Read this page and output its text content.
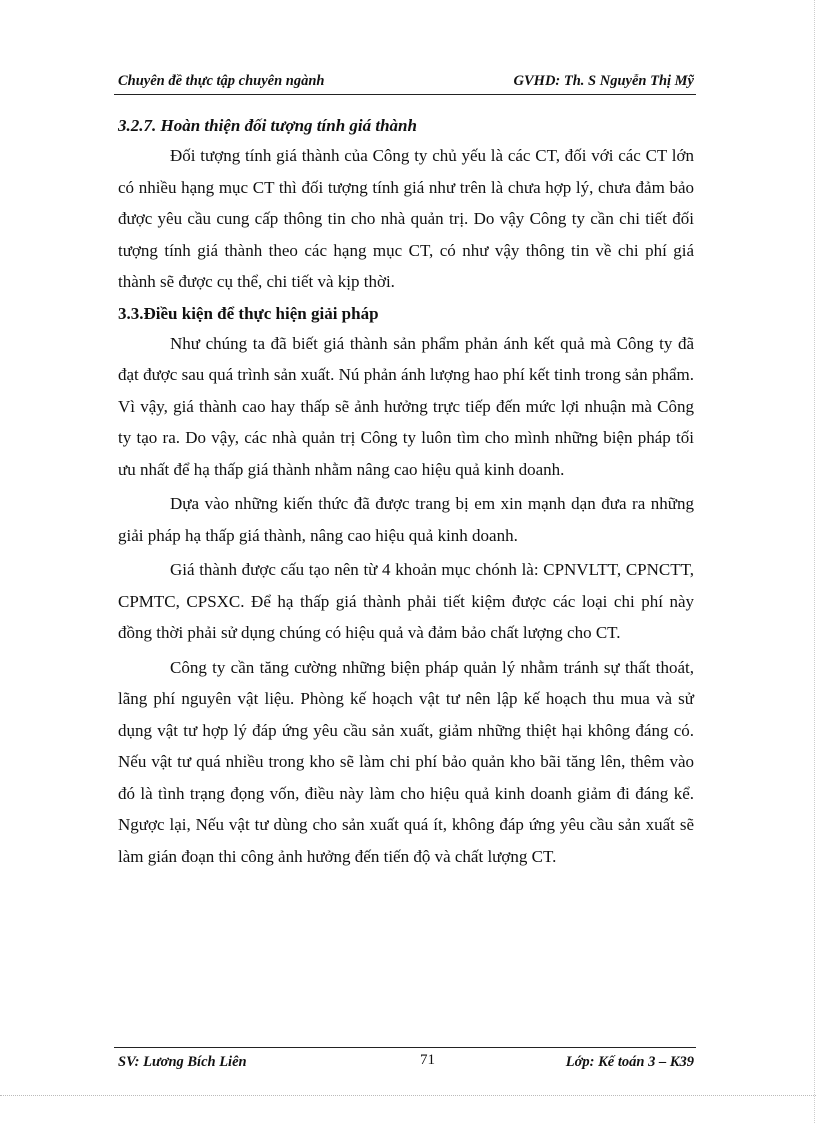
Chuyên đề thực tập chuyên ngành	GVHD: Th. S Nguyễn Thị Mỹ

3.2.7. Hoàn thiện đối tượng tính giá thành

Đối tượng tính giá thành của Công ty chủ yếu là các CT, đối với các CT lớn có nhiều hạng mục CT thì đối tượng tính giá như trên là chưa hợp lý, chưa đảm bảo được yêu cầu cung cấp thông tin cho nhà quản trị. Do vậy Công ty cần chi tiết đối tượng tính giá thành theo các hạng mục CT, có như vậy thông tin về chi phí giá thành sẽ được cụ thể, chi tiết và kịp thời.

3.3.Điều kiện để thực hiện giải pháp

Như chúng ta đã biết giá thành sản phẩm phản ánh kết quả mà Công ty đã đạt được sau quá trình sản xuất. Nú phản ánh lượng hao phí kết tinh trong sản phẩm. Vì vậy, giá thành cao hay thấp sẽ ảnh hưởng trực tiếp đến mức lợi nhuận mà Công ty tạo ra. Do vậy, các nhà quản trị Công ty luôn tìm cho mình những biện pháp tối ưu nhất để hạ thấp giá thành nhằm nâng cao hiệu quả kinh doanh.

Dựa vào những kiến thức đã được trang bị em xin mạnh dạn đưa ra những giải pháp hạ thấp giá thành, nâng cao hiệu quả kinh doanh.

Giá thành được cấu tạo nên từ 4 khoản mục chónh là: CPNVLTT, CPNCTT, CPMTC, CPSXC. Để hạ thấp giá thành phải tiết kiệm được các loại chi phí này đồng thời phải sử dụng chúng có hiệu quả và đảm bảo chất lượng cho CT.

Công ty cần tăng cường những biện pháp quản lý nhằm tránh sự thất thoát, lãng phí nguyên vật liệu. Phòng kế hoạch vật tư nên lập kế hoạch thu mua và sử dụng vật tư hợp lý đáp ứng yêu cầu sản xuất, giảm những thiệt hại không đáng có. Nếu vật tư quá nhiều trong kho sẽ làm chi phí bảo quản kho bãi tăng lên, thêm vào đó là tình trạng đọng vốn, điều này làm cho hiệu quả kinh doanh giảm đi đáng kể. Ngược lại, Nếu vật tư dùng cho sản xuất quá ít, không đáp ứng yêu cầu sản xuất sẽ làm gián đoạn thi công ảnh hưởng đến tiến độ và chất lượng CT.

SV: Lương Bích Liên	71	Lớp: Kế toán 3 – K39
